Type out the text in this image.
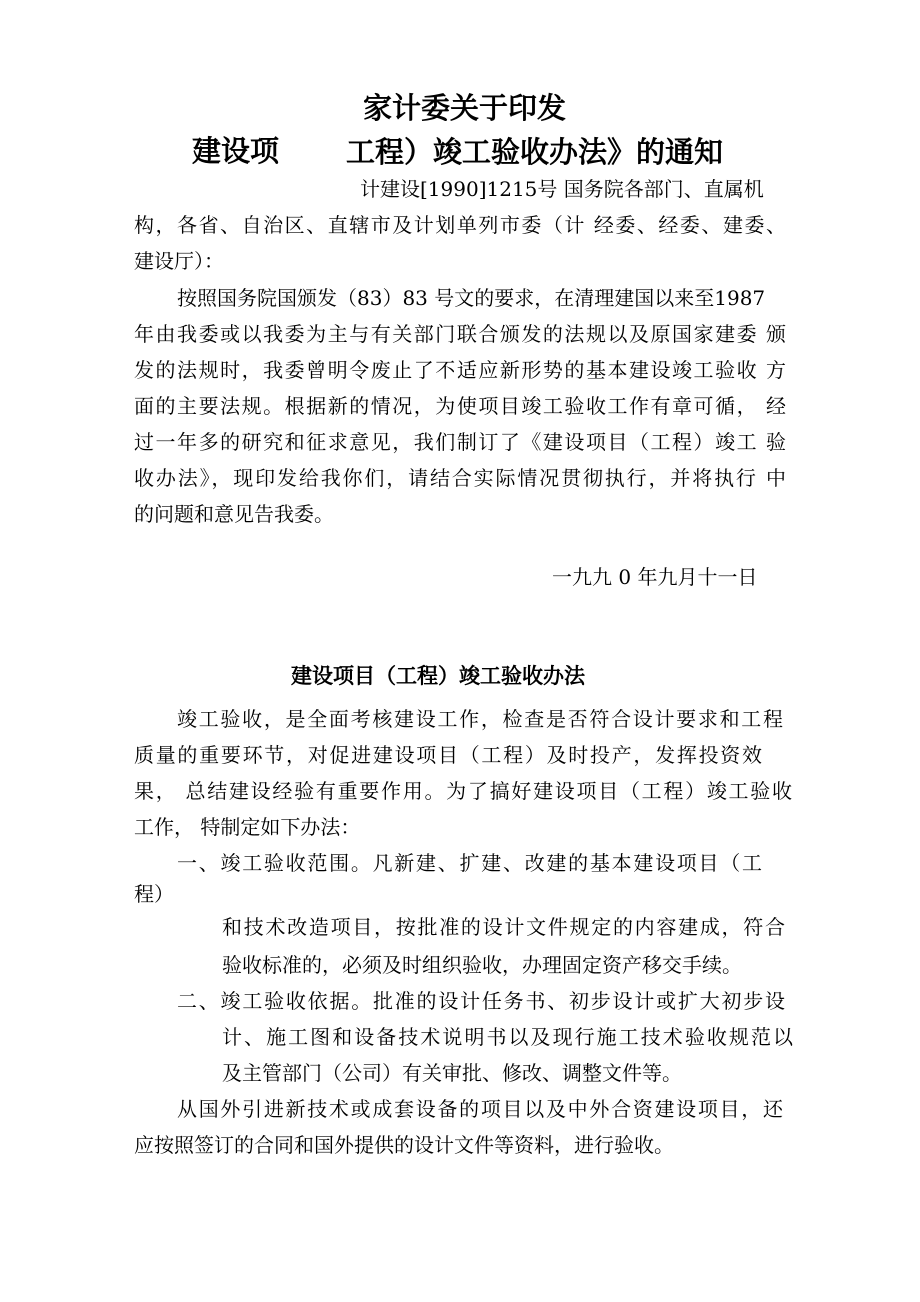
家计委关于印发
建设项 工程）竣工验收办法》的通知
计建设[1990]1215号 国务院各部门、直属机
构，各省、自治区、直辖市及计划单列市委（计 经委、经委、建委、
建设厅）：
按照国务院国颁发（83）83 号文的要求，在清理建国以来至1987
年由我委或以我委为主与有关部门联合颁发的法规以及原国家建委 颁
发的法规时，我委曾明令废止了不适应新形势的基本建设竣工验收 方
面的主要法规。根据新的情况，为使项目竣工验收工作有章可循， 经
过一年多的研究和征求意见，我们制订了《建设项目（工程）竣工 验
收办法》，现印发给我你们，请结合实际情况贯彻执行，并将执行 中
的问题和意见告我委。
一九九 0 年九月十一日
建设项目（工程）竣工验收办法
竣工验收，是全面考核建设工作，检查是否符合设计要求和工程
质量的重要环节，对促进建设项目（工程）及时投产，发挥投资效
果， 总结建设经验有重要作用。为了搞好建设项目（工程）竣工验收
工作， 特制定如下办法：
一、竣工验收范围。凡新建、扩建、改建的基本建设项目（工
程）
和技术改造项目，按批准的设计文件规定的内容建成，符合
验收标准的，必须及时组织验收，办理固定资产移交手续。
二、竣工验收依据。批准的设计任务书、初步设计或扩大初步设
计、施工图和设备技术说明书以及现行施工技术验收规范以
及主管部门（公司）有关审批、修改、调整文件等。
从国外引进新技术或成套设备的项目以及中外合资建设项目，还
应按照签订的合同和国外提供的设计文件等资料，进行验收。
